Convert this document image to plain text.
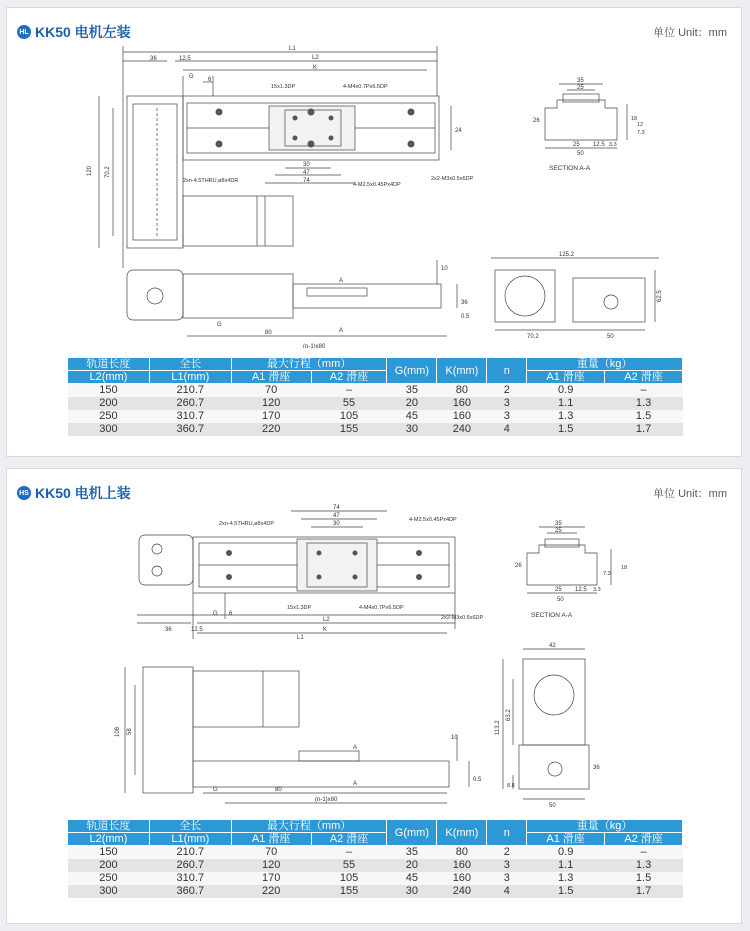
HL KK50 电机左装	单位 Unit：mm
36	12.5
L1
L2
K
G 6
15x1.3DP	4-M4x0.7Px6.5DP
2xn-4.5THRU,ø8x4DR
4-M2.5x0.45Px4DP
2x2-M3x0.5x6DP
120 70.2
24
30
47
74
SECTION A-A
35
25
26	18
12
7.3
25 12.5
50
3.3
A
A
36
0.5
80
G
(n-1)x80
10
125.2
70.2	50
62.5
轨道长度	全长	最大行程（mm）		G(mm)	K(mm)	n	重量（kg）	
L2(mm)	L1(mm)	A1 滑座	A2 滑座				A1 滑座	A2 滑座
150	210.7	70	–	35	80	2	0.9	–
200	260.7	120	55	20	160	3	1.1	1.3
250	310.7	170	105	45	160	3	1.3	1.5
300	360.7	220	155	30	240	4	1.5	1.7
HS KK50 电机上装	单位 Unit：mm
74
47
30
36	12.5
L1
L2
K
G 6
2xn-4.5THRU,ø8x4DP
4-M2.5x0.45Px4DP
15x1.3DP	4-M4x0.7Px6.5DP
2x2-M3x0.5x6DP	SECTION A-A
35
25
26	18
25 12.5 3.3
7.3
50
108 58
A
A
80
G
(n-1)x80
10
0.5
113.2
63.2
42
50
8.8
36
轨道长度	全长	最大行程（mm）		G(mm)	K(mm)	n	重量（kg）	
L2(mm)	L1(mm)	A1 滑座	A2 滑座				A1 滑座	A2 滑座
150	210.7	70	–	35	80	2	0.9	–
200	260.7	120	55	20	160	3	1.1	1.3
250	310.7	170	105	45	160	3	1.3	1.5
300	360.7	220	155	30	240	4	1.5	1.7
